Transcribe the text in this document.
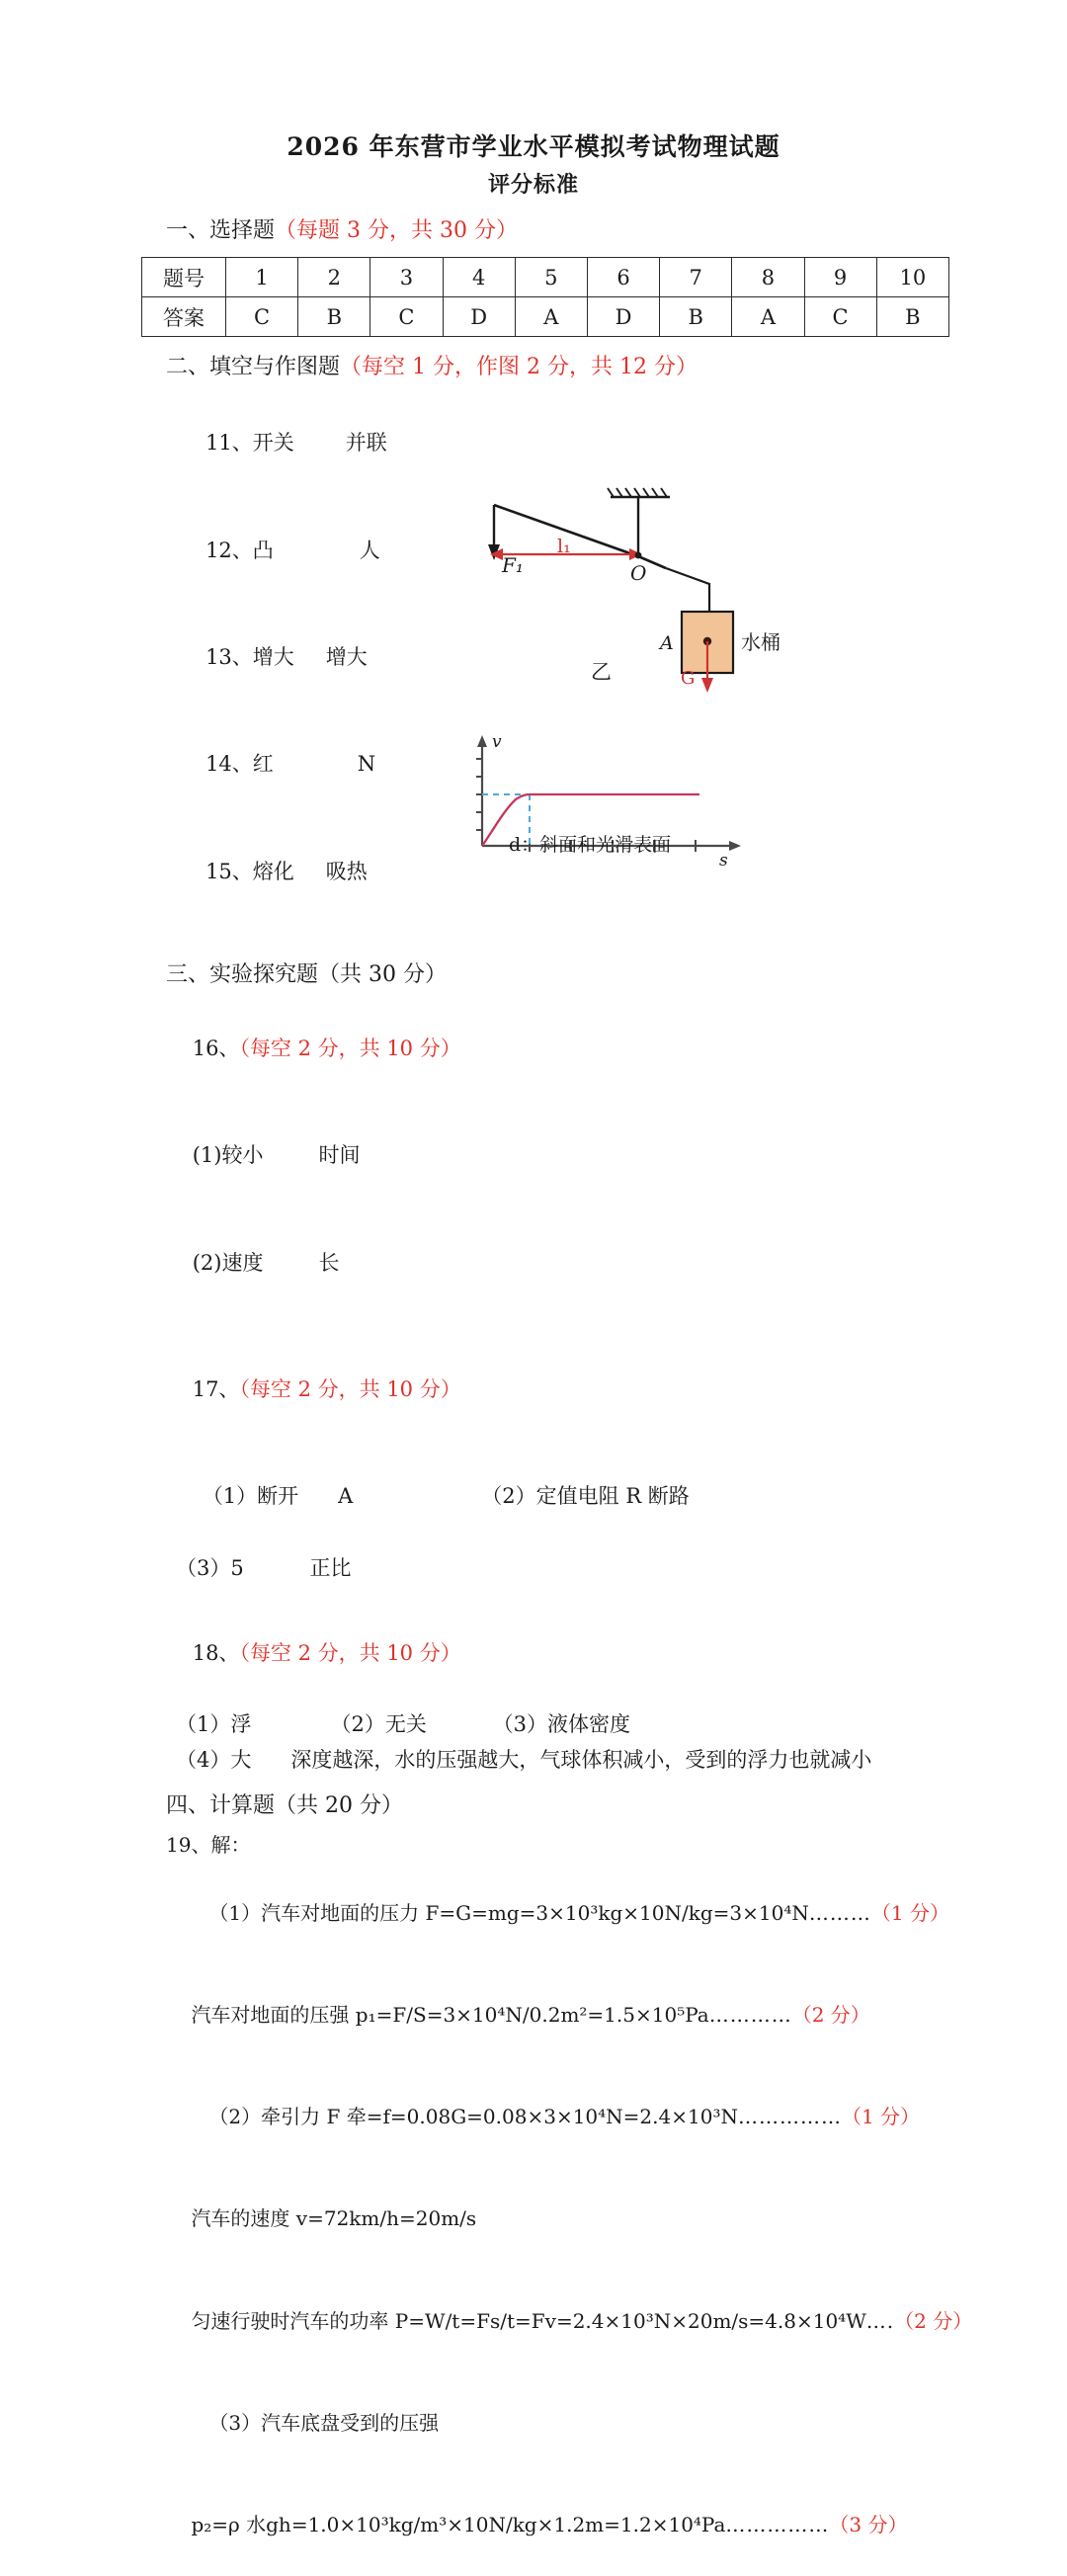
2026 年东营市学业水平模拟考试物理试题
评分标准
一、选择题（每题 3 分，共 30 分）
题号	1	2	3	4	5	6	7	8	9	10
答案	C	B	C	D	A	D	B	A	C	B
二、填空与作图题（每空 1 分，作图 2 分，共 12 分）

11、开关 并联

12、凸	人

13、增大 增大

14、红	N

15、熔化 吸热

F₁
l₁
O
A
G
水桶
乙
三、实验探究题（共 30 分）

16、（每空 2 分，共 10 分）

(1)较小	时间

(2)速度	长

v
s
d：斜面和光滑表面

17、（每空 2 分，共 10 分）

（1）断开      A	（2）定值电阻 R 断路

（3）5          正比

18、（每空 2 分，共 10 分）

（1）浮            （2）无关          （3）液体密度
（4）大      深度越深，水的压强越大，气球体积减小，受到的浮力也就减小
四、计算题（共 20 分）
19、解：

（1）汽车对地面的压力 F=G=mg=3×10³kg×10N/kg=3×10⁴N………（1 分）

汽车对地面的压强 p₁=F/S=3×10⁴N/0.2m²=1.5×10⁵Pa…………（2 分）

（2）牵引力 F 牵=f=0.08G=0.08×3×10⁴N=2.4×10³N……………（1 分）

汽车的速度 v=72km/h=20m/s

匀速行驶时汽车的功率 P=W/t=Fs/t=Fv=2.4×10³N×20m/s=4.8×10⁴W….（2 分）

（3）汽车底盘受到的压强

p₂=ρ 水gh=1.0×10³kg/m³×10N/kg×1.2m=1.2×10⁴Pa……………（3 分）
